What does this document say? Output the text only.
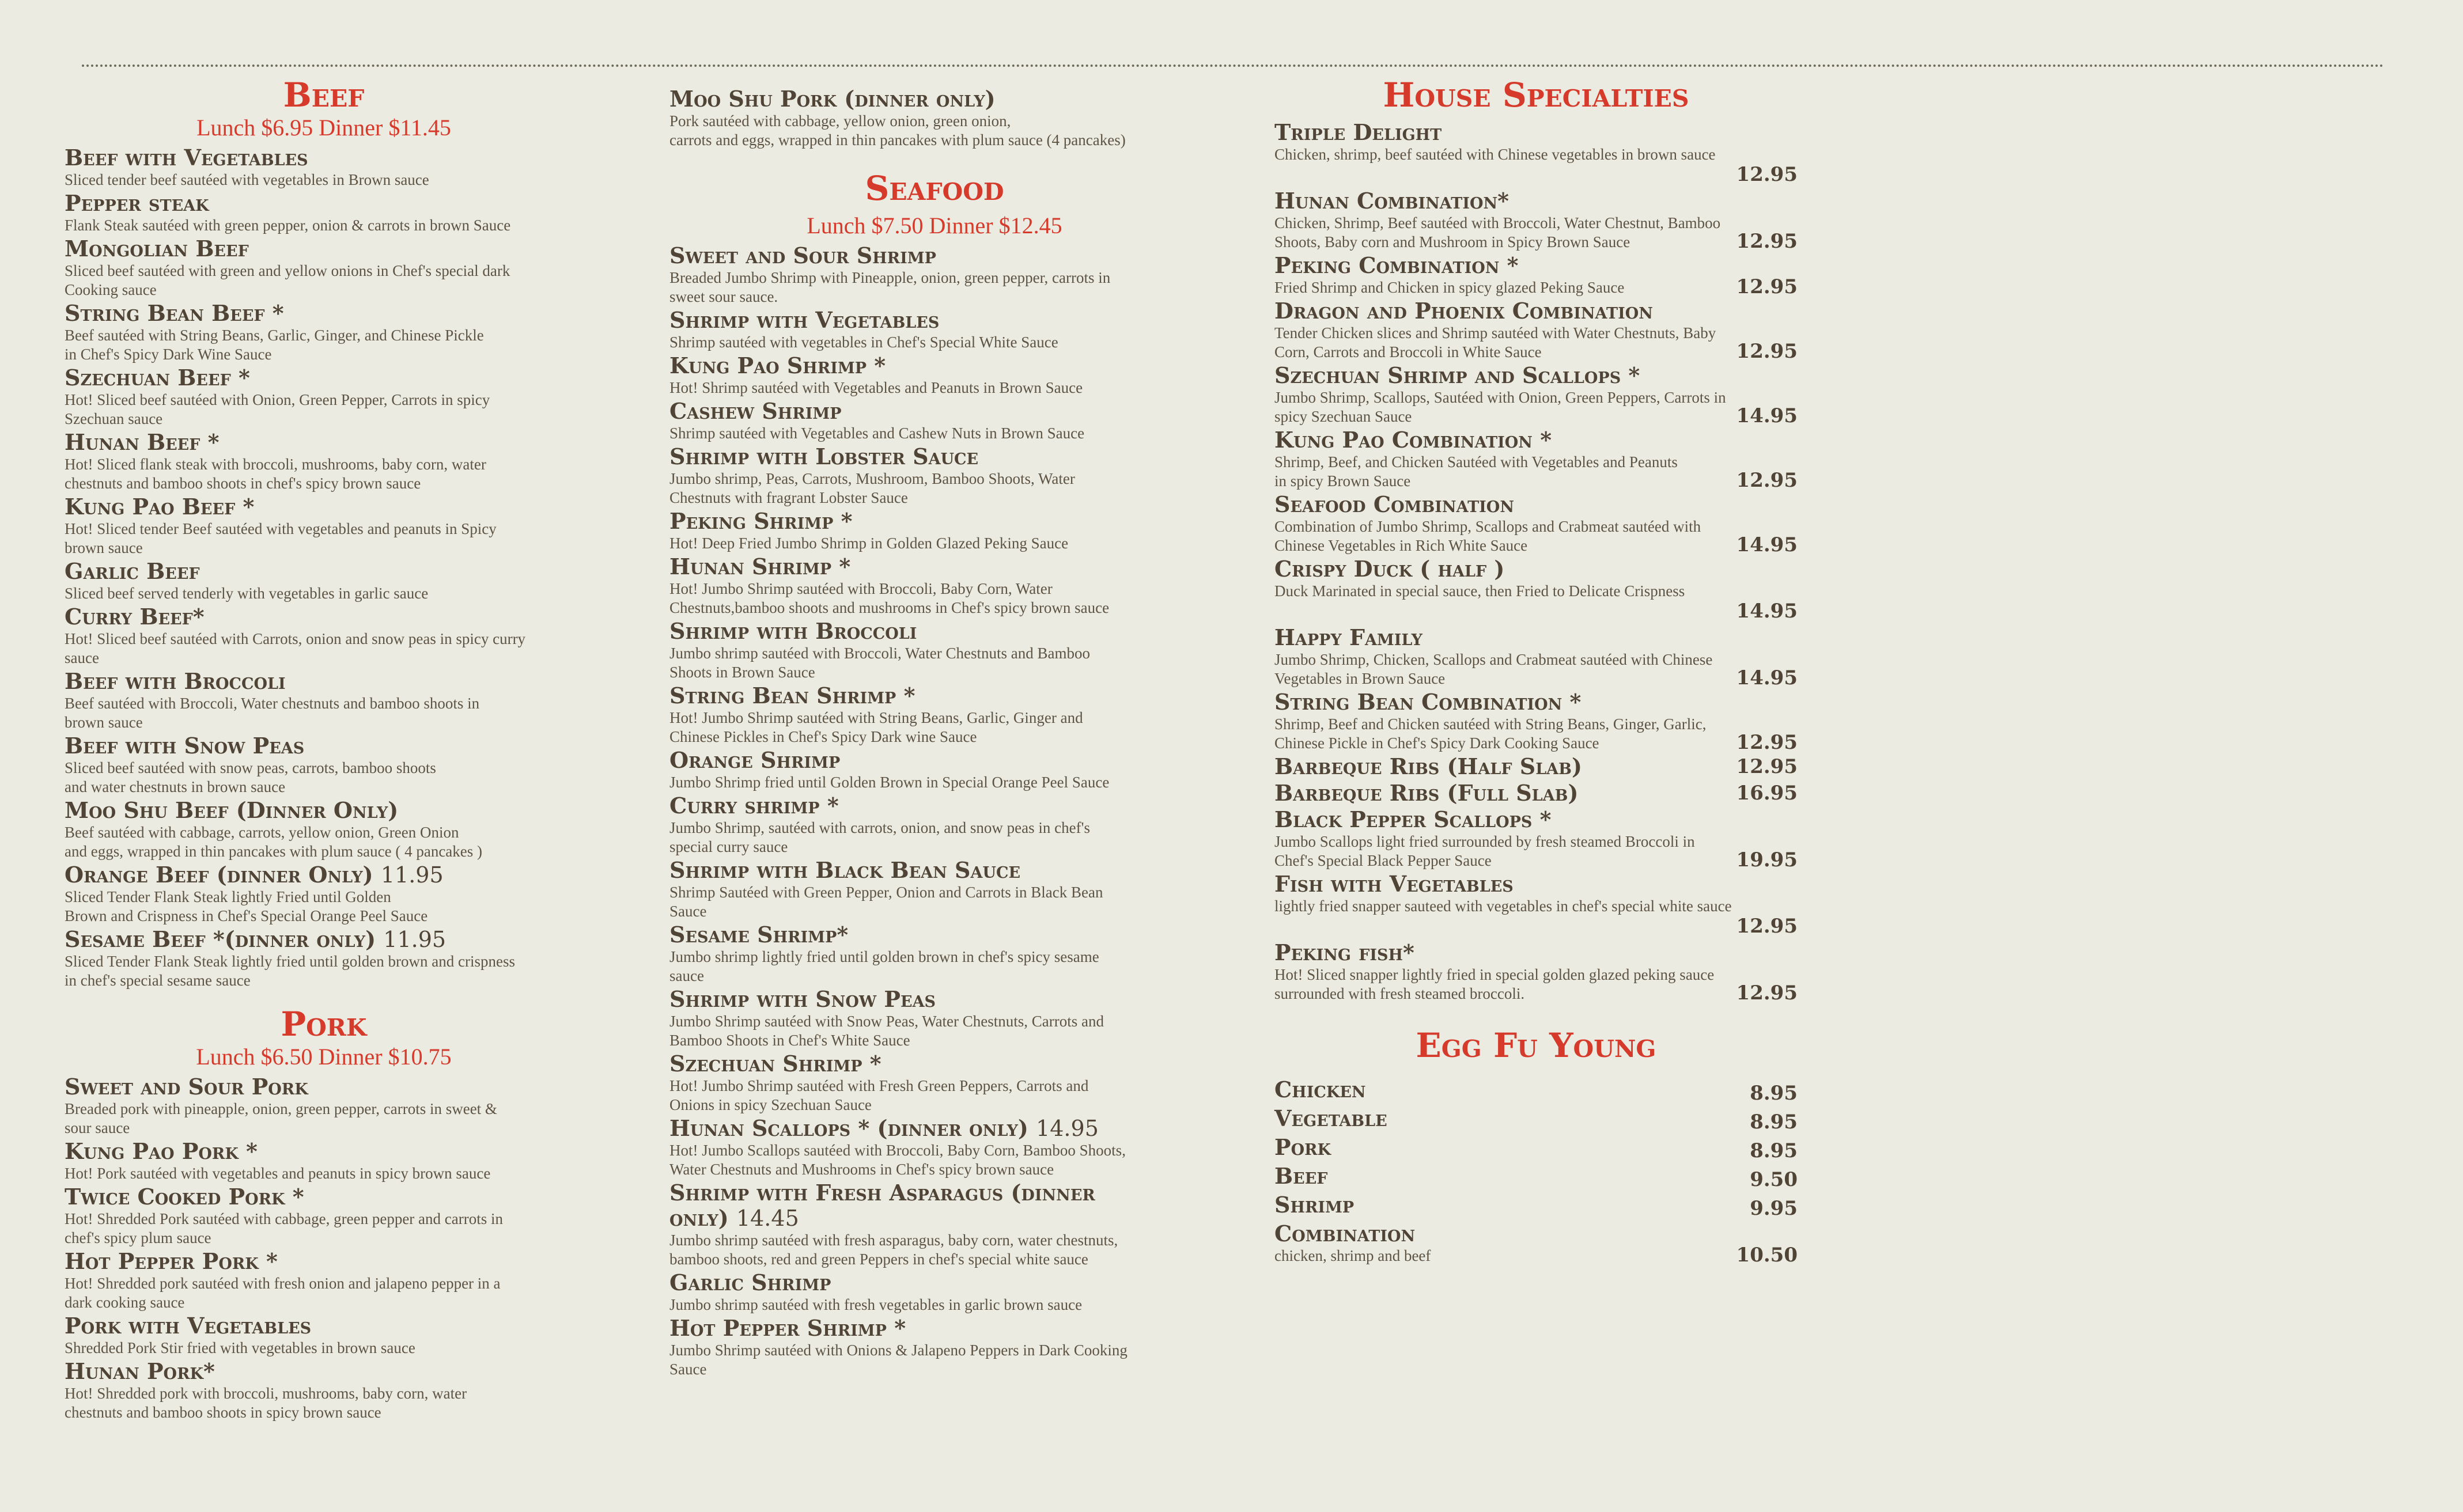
Beef
Lunch $6.95 Dinner $11.45
Beef with Vegetables
Sliced tender beef sautéed with vegetables in Brown sauce
Pepper steak
Flank Steak sautéed with green pepper, onion & carrots in brown Sauce
Mongolian Beef
Sliced beef sautéed with green and yellow onions in Chef's special dark
Cooking sauce
String Bean Beef *
Beef sautéed with String Beans, Garlic, Ginger, and Chinese Pickle
in Chef's Spicy Dark Wine Sauce
Szechuan Beef *
Hot! Sliced beef sautéed with Onion, Green Pepper, Carrots in spicy
Szechuan sauce
Hunan Beef *
Hot! Sliced flank steak with broccoli, mushrooms, baby corn, water
chestnuts and bamboo shoots in chef's spicy brown sauce
Kung Pao Beef *
Hot! Sliced tender Beef sautéed with vegetables and peanuts in Spicy
brown sauce
Garlic Beef
Sliced beef served tenderly with vegetables in garlic sauce
Curry Beef*
Hot! Sliced beef sautéed with Carrots, onion and snow peas in spicy curry
sauce
Beef with Broccoli
Beef sautéed with Broccoli, Water chestnuts and bamboo shoots in
brown sauce
Beef with Snow Peas
Sliced beef sautéed with snow peas, carrots, bamboo shoots
and water chestnuts in brown sauce
Moo Shu Beef (Dinner Only)
Beef sautéed with cabbage, carrots, yellow onion, Green Onion
and eggs, wrapped in thin pancakes with plum sauce ( 4 pancakes )
Orange Beef (dinner Only) 11.95
Sliced Tender Flank Steak lightly Fried until Golden
Brown and Crispness in Chef's Special Orange Peel Sauce
Sesame Beef *(dinner only) 11.95
Sliced Tender Flank Steak lightly fried until golden brown and crispness
in chef's special sesame sauce
Pork
Lunch $6.50 Dinner $10.75
Sweet and Sour Pork
Breaded pork with pineapple, onion, green pepper, carrots in sweet &
sour sauce
Kung Pao Pork *
Hot! Pork sautéed with vegetables and peanuts in spicy brown sauce
Twice Cooked Pork *
Hot! Shredded Pork sautéed with cabbage, green pepper and carrots in
chef's spicy plum sauce
Hot Pepper Pork *
Hot! Shredded pork sautéed with fresh onion and jalapeno pepper in a
dark cooking sauce
Pork with Vegetables
Shredded Pork Stir fried with vegetables in brown sauce
Hunan Pork*
Hot! Shredded pork with broccoli, mushrooms, baby corn, water
chestnuts and bamboo shoots in spicy brown sauce
Moo Shu Pork (dinner only)
Pork sautéed with cabbage, yellow onion, green onion,
carrots and eggs, wrapped in thin pancakes with plum sauce (4 pancakes)
Seafood
Lunch $7.50 Dinner $12.45
Sweet and Sour Shrimp
Breaded Jumbo Shrimp with Pineapple, onion, green pepper, carrots in
sweet sour sauce.
Shrimp with Vegetables
Shrimp sautéed with vegetables in Chef's Special White Sauce
Kung Pao Shrimp *
Hot! Shrimp sautéed with Vegetables and Peanuts in Brown Sauce
Cashew Shrimp
Shrimp sautéed with Vegetables and Cashew Nuts in Brown Sauce
Shrimp with Lobster Sauce
Jumbo shrimp, Peas, Carrots, Mushroom, Bamboo Shoots, Water
Chestnuts with fragrant Lobster Sauce
Peking Shrimp *
Hot! Deep Fried Jumbo Shrimp in Golden Glazed Peking Sauce
Hunan Shrimp *
Hot! Jumbo Shrimp sautéed with Broccoli, Baby Corn, Water
Chestnuts,bamboo shoots and mushrooms in Chef's spicy brown sauce
Shrimp with Broccoli
Jumbo shrimp sautéed with Broccoli, Water Chestnuts and Bamboo
Shoots in Brown Sauce
String Bean Shrimp *
Hot! Jumbo Shrimp sautéed with String Beans, Garlic, Ginger and
Chinese Pickles in Chef's Spicy Dark wine Sauce
Orange Shrimp
Jumbo Shrimp fried until Golden Brown in Special Orange Peel Sauce
Curry shrimp *
Jumbo Shrimp, sautéed with carrots, onion, and snow peas in chef's
special curry sauce
Shrimp with Black Bean Sauce
Shrimp Sautéed with Green Pepper, Onion and Carrots in Black Bean
Sauce
Sesame Shrimp*
Jumbo shrimp lightly fried until golden brown in chef's spicy sesame
sauce
Shrimp with Snow Peas
Jumbo Shrimp sautéed with Snow Peas, Water Chestnuts, Carrots and
Bamboo Shoots in Chef's White Sauce
Szechuan Shrimp *
Hot! Jumbo Shrimp sautéed with Fresh Green Peppers, Carrots and
Onions in spicy Szechuan Sauce
Hunan Scallops * (dinner only) 14.95
Hot! Jumbo Scallops sautéed with Broccoli, Baby Corn, Bamboo Shoots,
Water Chestnuts and Mushrooms in Chef's spicy brown sauce
Shrimp with Fresh Asparagus (dinner
only) 14.45
Jumbo shrimp sautéed with fresh asparagus, baby corn, water chestnuts,
bamboo shoots, red and green Peppers in chef's special white sauce
Garlic Shrimp
Jumbo shrimp sautéed with fresh vegetables in garlic brown sauce
Hot Pepper Shrimp *
Jumbo Shrimp sautéed with Onions & Jalapeno Peppers in Dark Cooking
Sauce
House Specialties
Triple Delight
Chicken, shrimp, beef sautéed with Chinese vegetables in brown sauce
12.95
Hunan Combination*
Chicken, Shrimp, Beef sautéed with Broccoli, Water Chestnut, Bamboo
Shoots, Baby corn and Mushroom in Spicy Brown Sauce	12.95
Peking Combination *
Fried Shrimp and Chicken in spicy glazed Peking Sauce	12.95
Dragon and Phoenix Combination
Tender Chicken slices and Shrimp sautéed with Water Chestnuts, Baby
Corn, Carrots and Broccoli in White Sauce	12.95
Szechuan Shrimp and Scallops *
Jumbo Shrimp, Scallops, Sautéed with Onion, Green Peppers, Carrots in
spicy Szechuan Sauce	14.95
Kung Pao Combination *
Shrimp, Beef, and Chicken Sautéed with Vegetables and Peanuts
in spicy Brown Sauce	12.95
Seafood Combination
Combination of Jumbo Shrimp, Scallops and Crabmeat sautéed with
Chinese Vegetables in Rich White Sauce	14.95
Crispy Duck ( half )
Duck Marinated in special sauce, then Fried to Delicate Crispness
14.95
Happy Family
Jumbo Shrimp, Chicken, Scallops and Crabmeat sautéed with Chinese
Vegetables in Brown Sauce	14.95
String Bean Combination *
Shrimp, Beef and Chicken sautéed with String Beans, Ginger, Garlic,
Chinese Pickle in Chef's Spicy Dark Cooking Sauce	12.95
Barbeque Ribs (Half Slab)	12.95
Barbeque Ribs (Full Slab)	16.95
Black Pepper Scallops *
Jumbo Scallops light fried surrounded by fresh steamed Broccoli in
Chef's Special Black Pepper Sauce	19.95
Fish with Vegetables
lightly fried snapper sauteed with vegetables in chef's special white sauce
12.95
Peking fish*
Hot! Sliced snapper lightly fried in special golden glazed peking sauce
surrounded with fresh steamed broccoli.	12.95
Egg Fu Young
Chicken	8.95
Vegetable	8.95
Pork	8.95
Beef	9.50
Shrimp	9.95
Combination
chicken, shrimp and beef	10.50
